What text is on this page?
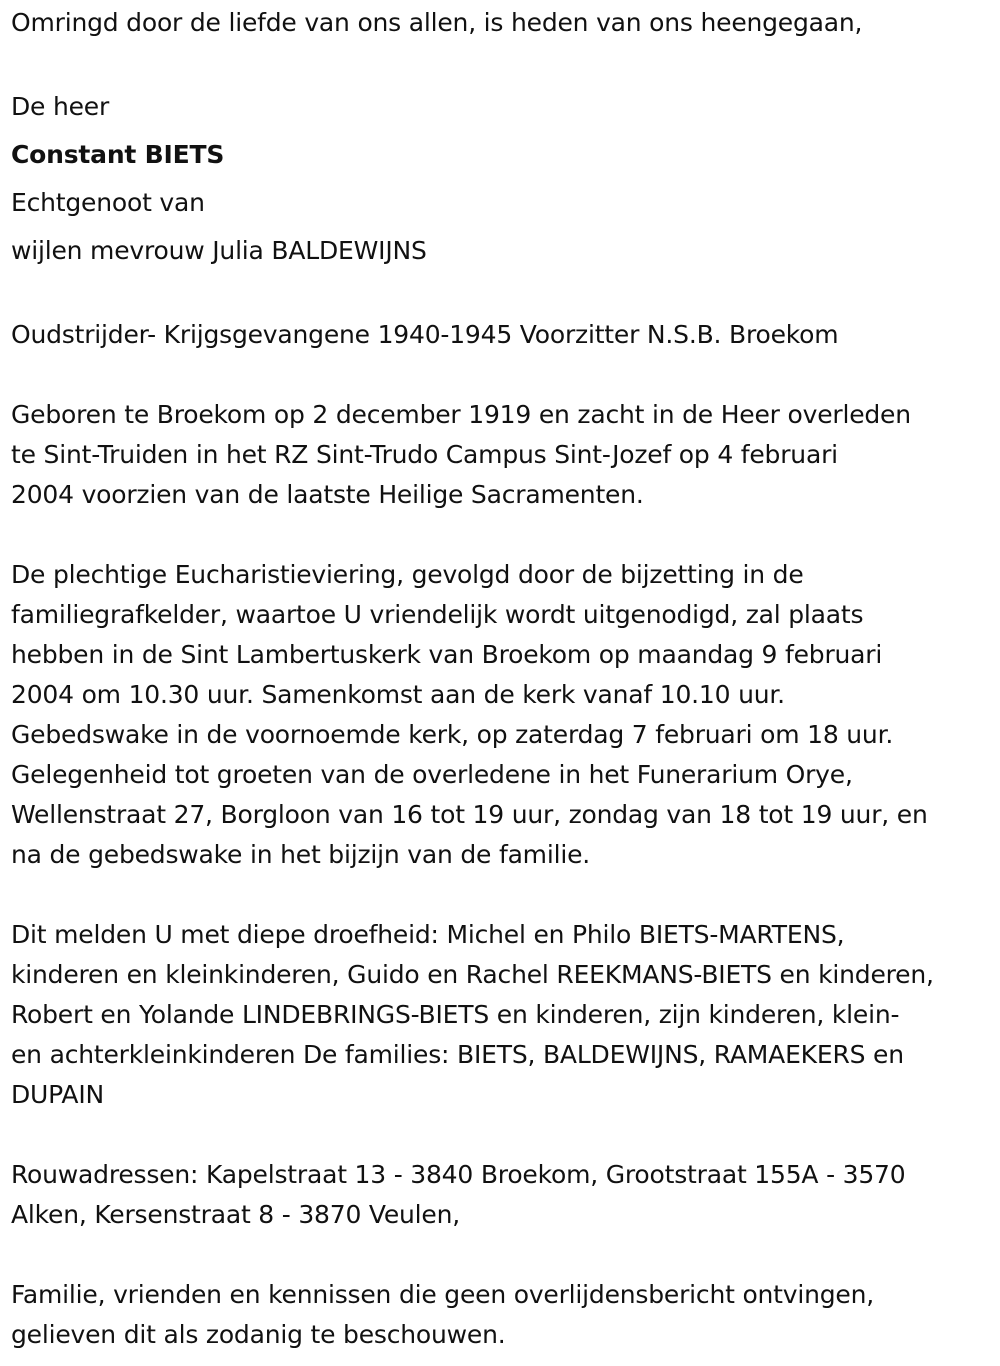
Omringd door de liefde van ons allen, is heden van ons heengegaan,

De heer

Constant BIETS

Echtgenoot van

wijlen mevrouw Julia BALDEWIJNS

Oudstrijder- Krijgsgevangene 1940-1945 Voorzitter N.S.B. Broekom

Geboren te Broekom op 2 december 1919 en zacht in de Heer overleden

te Sint-Truiden in het RZ Sint-Trudo Campus Sint-Jozef op 4 februari

2004 voorzien van de laatste Heilige Sacramenten.

De plechtige Eucharistieviering, gevolgd door de bijzetting in de

familiegrafkelder, waartoe U vriendelijk wordt uitgenodigd, zal plaats

hebben in de Sint Lambertuskerk van Broekom op maandag 9 februari

2004 om 10.30 uur. Samenkomst aan de kerk vanaf 10.10 uur.

Gebedswake in de voornoemde kerk, op zaterdag 7 februari om 18 uur.

Gelegenheid tot groeten van de overledene in het Funerarium Orye,

Wellenstraat 27, Borgloon van 16 tot 19 uur, zondag van 18 tot 19 uur, en

na de gebedswake in het bijzijn van de familie.

Dit melden U met diepe droefheid: Michel en Philo BIETS-MARTENS,

kinderen en kleinkinderen, Guido en Rachel REEKMANS-BIETS en kinderen,

Robert en Yolande LINDEBRINGS-BIETS en kinderen, zijn kinderen, klein-

en achterkleinkinderen De families: BIETS, BALDEWIJNS, RAMAEKERS en

DUPAIN

Rouwadressen: Kapelstraat 13 - 3840 Broekom, Grootstraat 155A - 3570

Alken, Kersenstraat 8 - 3870 Veulen,

Familie, vrienden en kennissen die geen overlijdensbericht ontvingen,

gelieven dit als zodanig te beschouwen.
